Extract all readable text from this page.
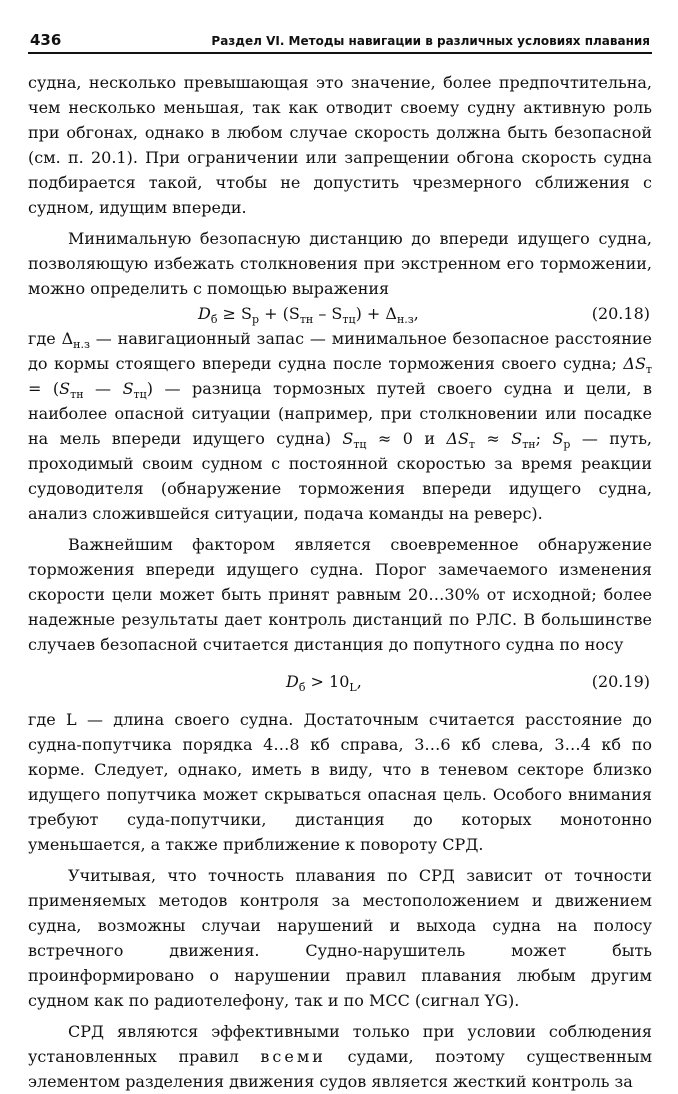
436	Раздел VI. Методы навигации в различных условиях плавания

судна, несколько превышающая это значение, более предпочтительна, чем несколько меньшая, так как отводит своему судну активную роль при обгонах, однако в любом случае скорость должна быть безопасной (см. п. 20.1). При ограничении или запрещении обгона скорость судна подбирается такой, чтобы не допустить чрезмерного сближения с судном, идущим впереди.

Минимальную безопасную дистанцию до впереди идущего судна, позволяющую избежать столкновения при экстренном его торможении, можно определить с помощью выражения

$D_б \ge S_р + (S_{тн} - S_{тц}) + \Delta_{н.з}$,	(20.18)

где $\Delta_{н.з}$ — навигационный запас — минимальное безопасное расстояние до кормы стоящего впереди судна после торможения своего судна; $\Delta S_т = (S_{тн}$ — $S_{тц}$) — разница тормозных путей своего судна и цели, в наиболее опасной ситуации (например, при столкновении или посадке на мель впереди идущего судна) $S_{тц} \approx 0$ и $\Delta S_т \approx S_{тн}$; $S_р$ — путь, проходимый своим судном с постоянной скоростью за время реакции судоводителя (обнаружение торможения впереди идущего судна, анализ сложившейся ситуации, подача команды на реверс).

Важнейшим фактором является своевременное обнаружение торможения впереди идущего судна. Порог замечаемого изменения скорости цели может быть принят равным 20…30% от исходной; более надежные результаты дает контроль дистанций по РЛС. В большинстве случаев безопасной считается дистанция до попутного судна по носу

$D_б > 10_L$,	(20.19)

где L — длина своего судна. Достаточным считается расстояние до судна-попутчика порядка 4…8 кб справа, 3…6 кб слева, 3…4 кб по корме. Следует, однако, иметь в виду, что в теневом секторе близко идущего попутчика может скрываться опасная цель. Особого внимания требуют суда-попутчики, дистанция до которых монотонно уменьшается, а также приближение к повороту СРД.

Учитывая, что точность плавания по СРД зависит от точности применяемых методов контроля за местоположением и движением судна, возможны случаи нарушений и выхода судна на полосу встречного движения. Судно-нарушитель может быть проинформировано о нарушении правил плавания любым другим судном как по радиотелефону, так и по МСС (сигнал YG).

СРД являются эффективными только при условии соблюдения установленных правил всеми судами, поэтому существенным элементом разделения движения судов является жесткий контроль за
